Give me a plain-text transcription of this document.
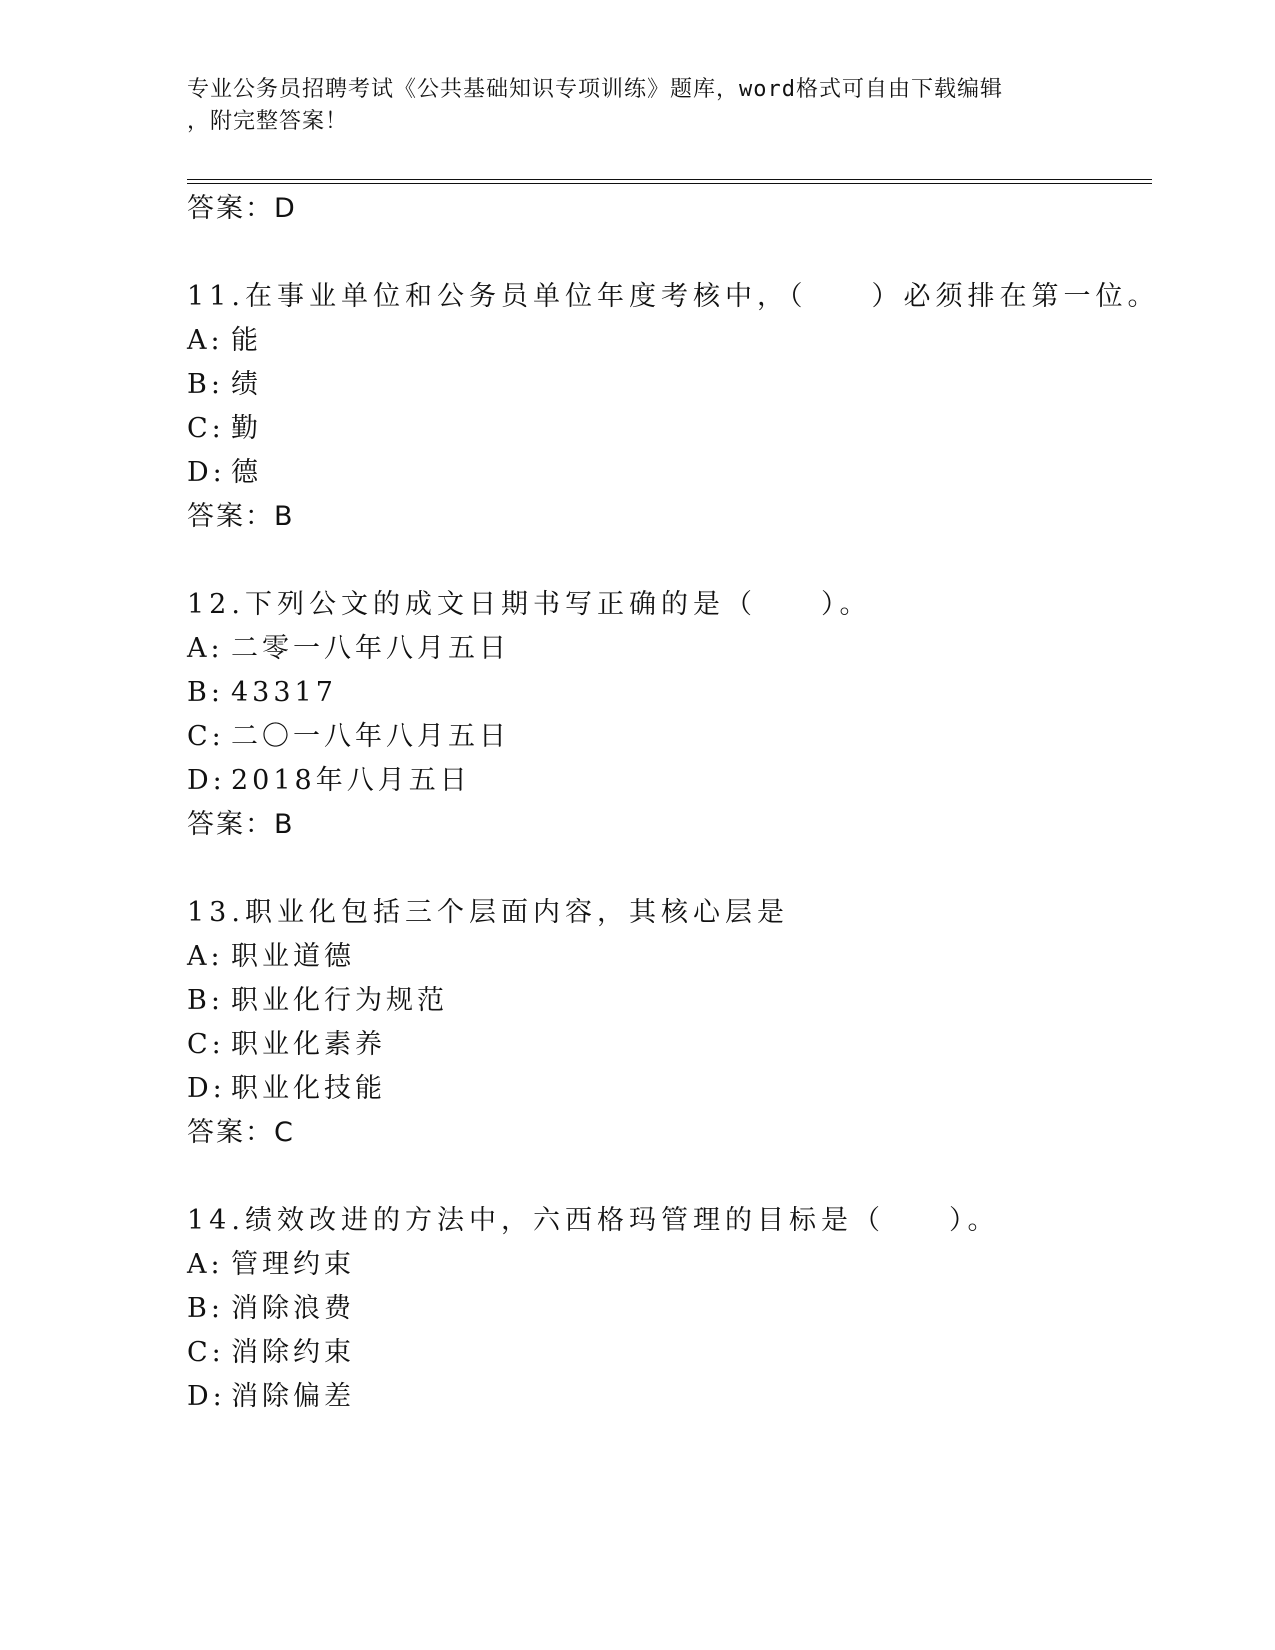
专业公务员招聘考试《公共基础知识专项训练》题库，word格式可自由下载编辑
，附完整答案！

答案：D

11.在事业单位和公务员单位年度考核中，（　　）必须排在第一位。

A: 能

B: 绩

C: 勤

D: 德

答案：B

12.下列公文的成文日期书写正确的是（　　）。

A: 二零一八年八月五日

B: 43317

C: 二〇一八年八月五日

D: 2018年八月五日

答案：B

13.职业化包括三个层面内容，其核心层是

A: 职业道德

B: 职业化行为规范

C: 职业化素养

D: 职业化技能

答案：C

14.绩效改进的方法中，六西格玛管理的目标是（　　）。

A: 管理约束

B: 消除浪费

C: 消除约束

D: 消除偏差
